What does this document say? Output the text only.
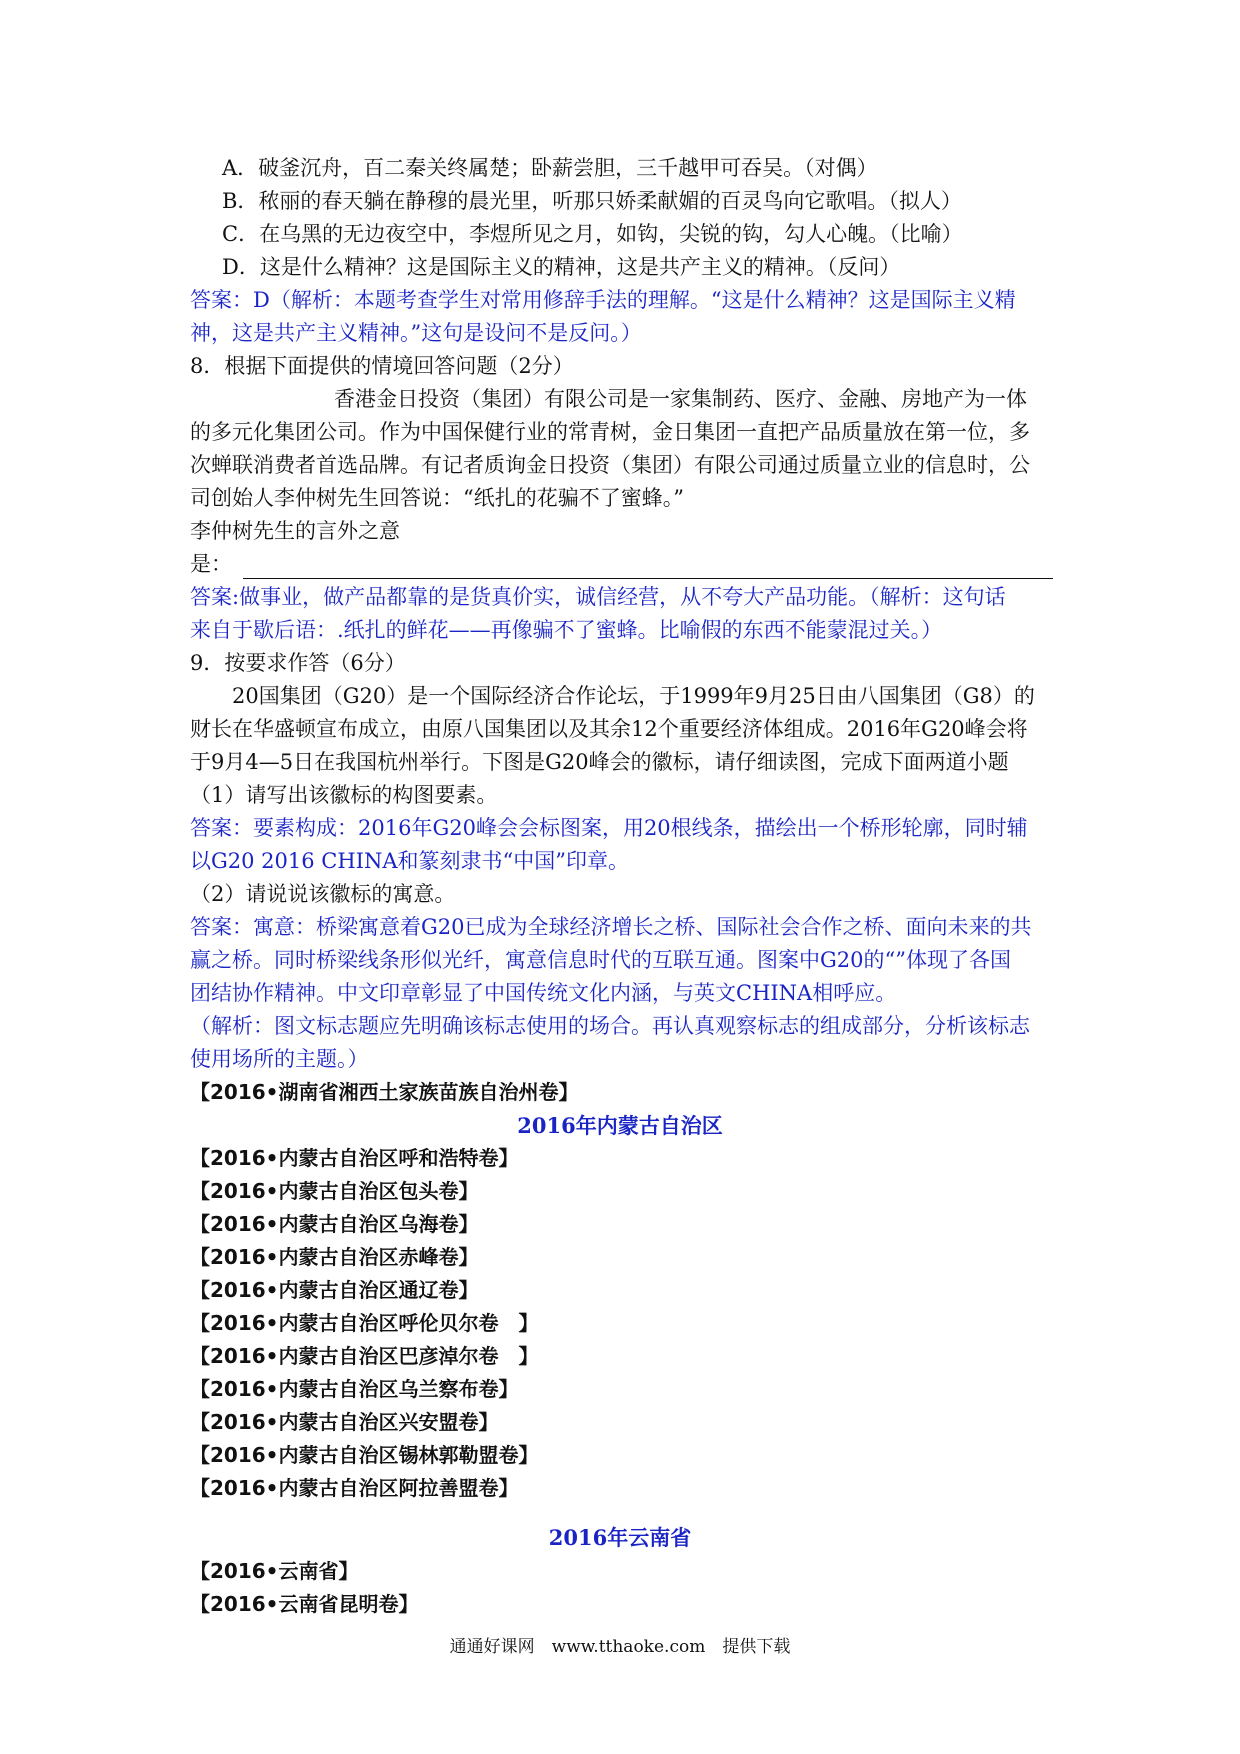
A．破釜沉舟，百二秦关终属楚；卧薪尝胆，三千越甲可吞吴。（对偶）
B．秾丽的春天躺在静穆的晨光里，听那只娇柔献媚的百灵鸟向它歌唱。（拟人）
C．在乌黑的无边夜空中，李煜所见之月，如钩，尖锐的钩，勾人心魄。（比喻）
D．这是什么精神？这是国际主义的精神，这是共产主义的精神。（反问）
答案：D（解析：本题考查学生对常用修辞手法的理解。“这是什么精神？这是国际主义精
神，这是共产主义精神。”这句是设问不是反问。）
8．根据下面提供的情境回答问题（2分）
香港金日投资（集团）有限公司是一家集制药、医疗、金融、房地产为一体
的多元化集团公司。作为中国保健行业的常青树，金日集团一直把产品质量放在第一位，多
次蝉联消费者首选品牌。有记者质询金日投资（集团）有限公司通过质量立业的信息时，公
司创始人李仲树先生回答说：“纸扎的花骗不了蜜蜂。”
李仲树先生的言外之意
是：
答案:做事业，做产品都靠的是货真价实，诚信经营，从不夸大产品功能。（解析：这句话
来自于歇后语：.纸扎的鲜花——再像骗不了蜜蜂。比喻假的东西不能蒙混过关。）
9．按要求作答（6分）
20国集团（G20）是一个国际经济合作论坛，于1999年9月25日由八国集团（G8）的
财长在华盛顿宣布成立，由原八国集团以及其余12个重要经济体组成。2016年G20峰会将
于9月4—5日在我国杭州举行。下图是G20峰会的徽标，请仔细读图，完成下面两道小题
（1）请写出该徽标的构图要素。
答案：要素构成：2016年G20峰会会标图案，用20根线条，描绘出一个桥形轮廓，同时辅
以G20 2016 CHINA和篆刻隶书“中国”印章。
（2）请说说该徽标的寓意。
答案：寓意：桥梁寓意着G20已成为全球经济增长之桥、国际社会合作之桥、面向未来的共
赢之桥。同时桥梁线条形似光纤，寓意信息时代的互联互通。图案中G20的“”体现了各国
团结协作精神。中文印章彰显了中国传统文化内涵，与英文CHINA相呼应。
（解析：图文标志题应先明确该标志使用的场合。再认真观察标志的组成部分，分析该标志
使用场所的主题。）
【2016•湖南省湘西土家族苗族自治州卷】
2016年内蒙古自治区
【2016•内蒙古自治区呼和浩特卷】
【2016•内蒙古自治区包头卷】
【2016•内蒙古自治区乌海卷】
【2016•内蒙古自治区赤峰卷】
【2016•内蒙古自治区通辽卷】
【2016•内蒙古自治区呼伦贝尔卷　】
【2016•内蒙古自治区巴彦淖尔卷　】
【2016•内蒙古自治区乌兰察布卷】
【2016•内蒙古自治区兴安盟卷】
【2016•内蒙古自治区锡林郭勒盟卷】
【2016•内蒙古自治区阿拉善盟卷】
2016年云南省
【2016•云南省】
【2016•云南省昆明卷】
通通好课网　www.tthaoke.com　提供下载
